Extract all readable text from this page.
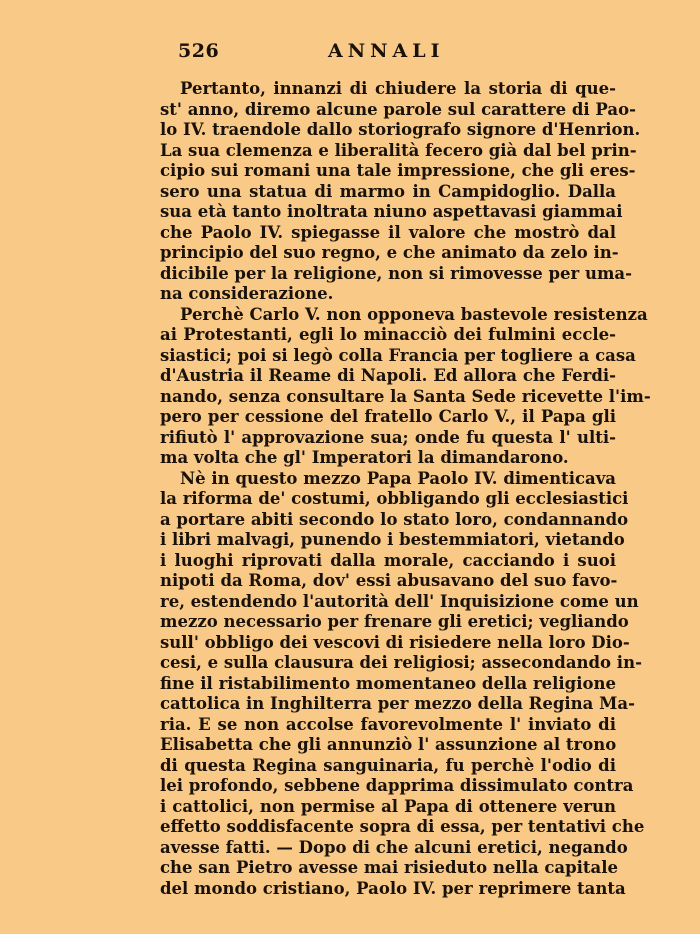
526	ANNALI
Pertanto, innanzi di chiudere la storia di que-
st' anno, diremo alcune parole sul carattere di Pao-
lo IV. traendole dallo storiografo signore d'Henrion.
La sua clemenza e liberalità fecero già dal bel prin-
cipio sui romani una tale impressione, che gli eres-
sero una statua di marmo in Campidoglio. Dalla
sua età tanto inoltrata niuno aspettavasi giammai
che Paolo IV. spiegasse il valore che mostrò dal
principio del suo regno, e che animato da zelo in-
dicibile per la religione, non si rimovesse per uma-
na considerazione.
Perchè Carlo V. non opponeva bastevole resistenza
ai Protestanti, egli lo minacciò dei fulmini eccle-
siastici; poi si legò colla Francia per togliere a casa
d'Austria il Reame di Napoli. Ed allora che Ferdi-
nando, senza consultare la Santa Sede ricevette l'im-
pero per cessione del fratello Carlo V., il Papa gli
rifiutò l' approvazione sua; onde fu questa l' ulti-
ma volta che gl' Imperatori la dimandarono.
Nè in questo mezzo Papa Paolo IV. dimenticava
la riforma de' costumi, obbligando gli ecclesiastici
a portare abiti secondo lo stato loro, condannando
i libri malvagi, punendo i bestemmiatori, vietando
i luoghi riprovati dalla morale, cacciando i suoi
nipoti da Roma, dov' essi abusavano del suo favo-
re, estendendo l'autorità dell' Inquisizione come un
mezzo necessario per frenare gli eretici; vegliando
sull' obbligo dei vescovi di risiedere nella loro Dio-
cesi, e sulla clausura dei religiosi; assecondando in-
fine il ristabilimento momentaneo della religione
cattolica in Inghilterra per mezzo della Regina Ma-
ria. E se non accolse favorevolmente l' inviato di
Elisabetta che gli annunziò l' assunzione al trono
di questa Regina sanguinaria, fu perchè l'odio di
lei profondo, sebbene dapprima dissimulato contra
i cattolici, non permise al Papa di ottenere verun
effetto soddisfacente sopra di essa, per tentativi che
avesse fatti. — Dopo di che alcuni eretici, negando
che san Pietro avesse mai risieduto nella capitale
del mondo cristiano, Paolo IV. per reprimere tanta
